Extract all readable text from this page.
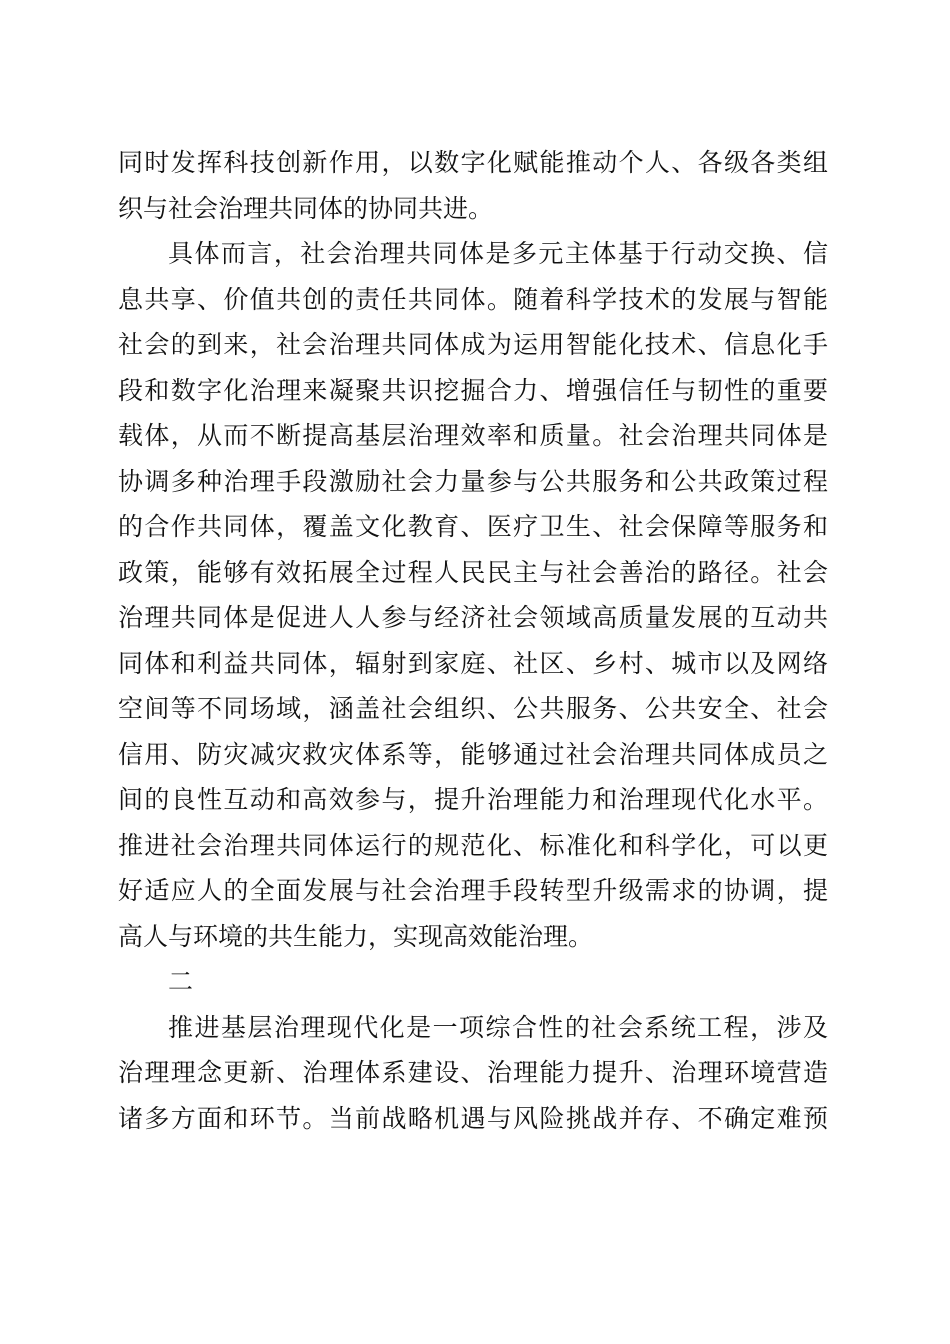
同时发挥科技创新作用，以数字化赋能推动个人、各级各类组
织与社会治理共同体的协同共进。
具体而言，社会治理共同体是多元主体基于行动交换、信
息共享、价值共创的责任共同体。随着科学技术的发展与智能
社会的到来，社会治理共同体成为运用智能化技术、信息化手
段和数字化治理来凝聚共识挖掘合力、增强信任与韧性的重要
载体，从而不断提高基层治理效率和质量。社会治理共同体是
协调多种治理手段激励社会力量参与公共服务和公共政策过程
的合作共同体，覆盖文化教育、医疗卫生、社会保障等服务和
政策，能够有效拓展全过程人民民主与社会善治的路径。社会
治理共同体是促进人人参与经济社会领域高质量发展的互动共
同体和利益共同体，辐射到家庭、社区、乡村、城市以及网络
空间等不同场域，涵盖社会组织、公共服务、公共安全、社会
信用、防灾减灾救灾体系等，能够通过社会治理共同体成员之
间的良性互动和高效参与，提升治理能力和治理现代化水平。
推进社会治理共同体运行的规范化、标准化和科学化，可以更
好适应人的全面发展与社会治理手段转型升级需求的协调，提
高人与环境的共生能力，实现高效能治理。
二
推进基层治理现代化是一项综合性的社会系统工程，涉及
治理理念更新、治理体系建设、治理能力提升、治理环境营造
诸多方面和环节。当前战略机遇与风险挑战并存、不确定难预
